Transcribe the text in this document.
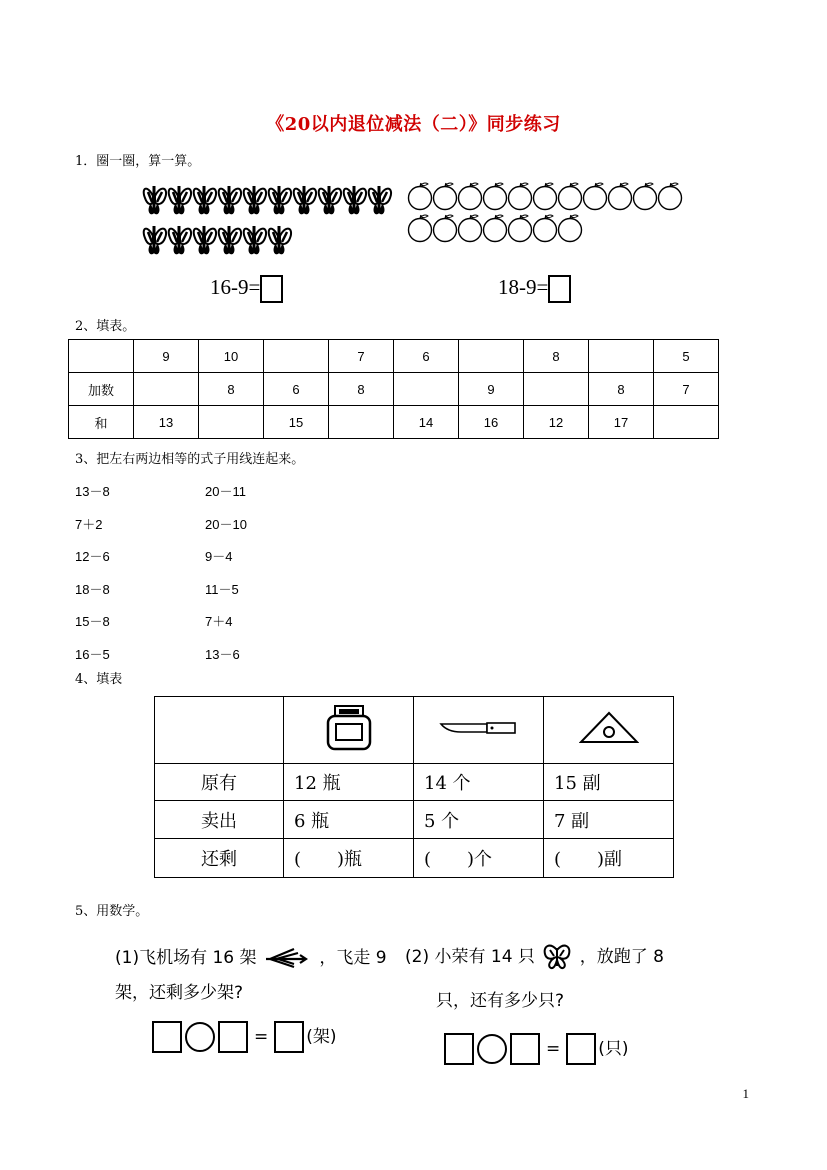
《20以内退位减法（二）》同步练习
1．圈一圈，算一算。
16-9=	18-9=
2、填表。
	9	10		7	6		8		5
加数		8	6	8		9		8	7
和	13		15		14	16	12	17	
3、把左右两边相等的式子用线连起来。
13－8
7＋2
12－6
18－8
15－8
16－5
20－11
20－10
9－4
11－5
7＋4
13－6
4、填表

原有	12 瓶	14 个	15 副
卖出	6 瓶	5 个	7 副
还剩	(　　)瓶	(　　)个	(　　)副
5、用数学。
(1)飞机场有 16 架	，飞走 9
架，还剩多少架?
= (架)
(2) 小荣有 14 只	，放跑了 8
只，还有多少只?
= (只)
1
